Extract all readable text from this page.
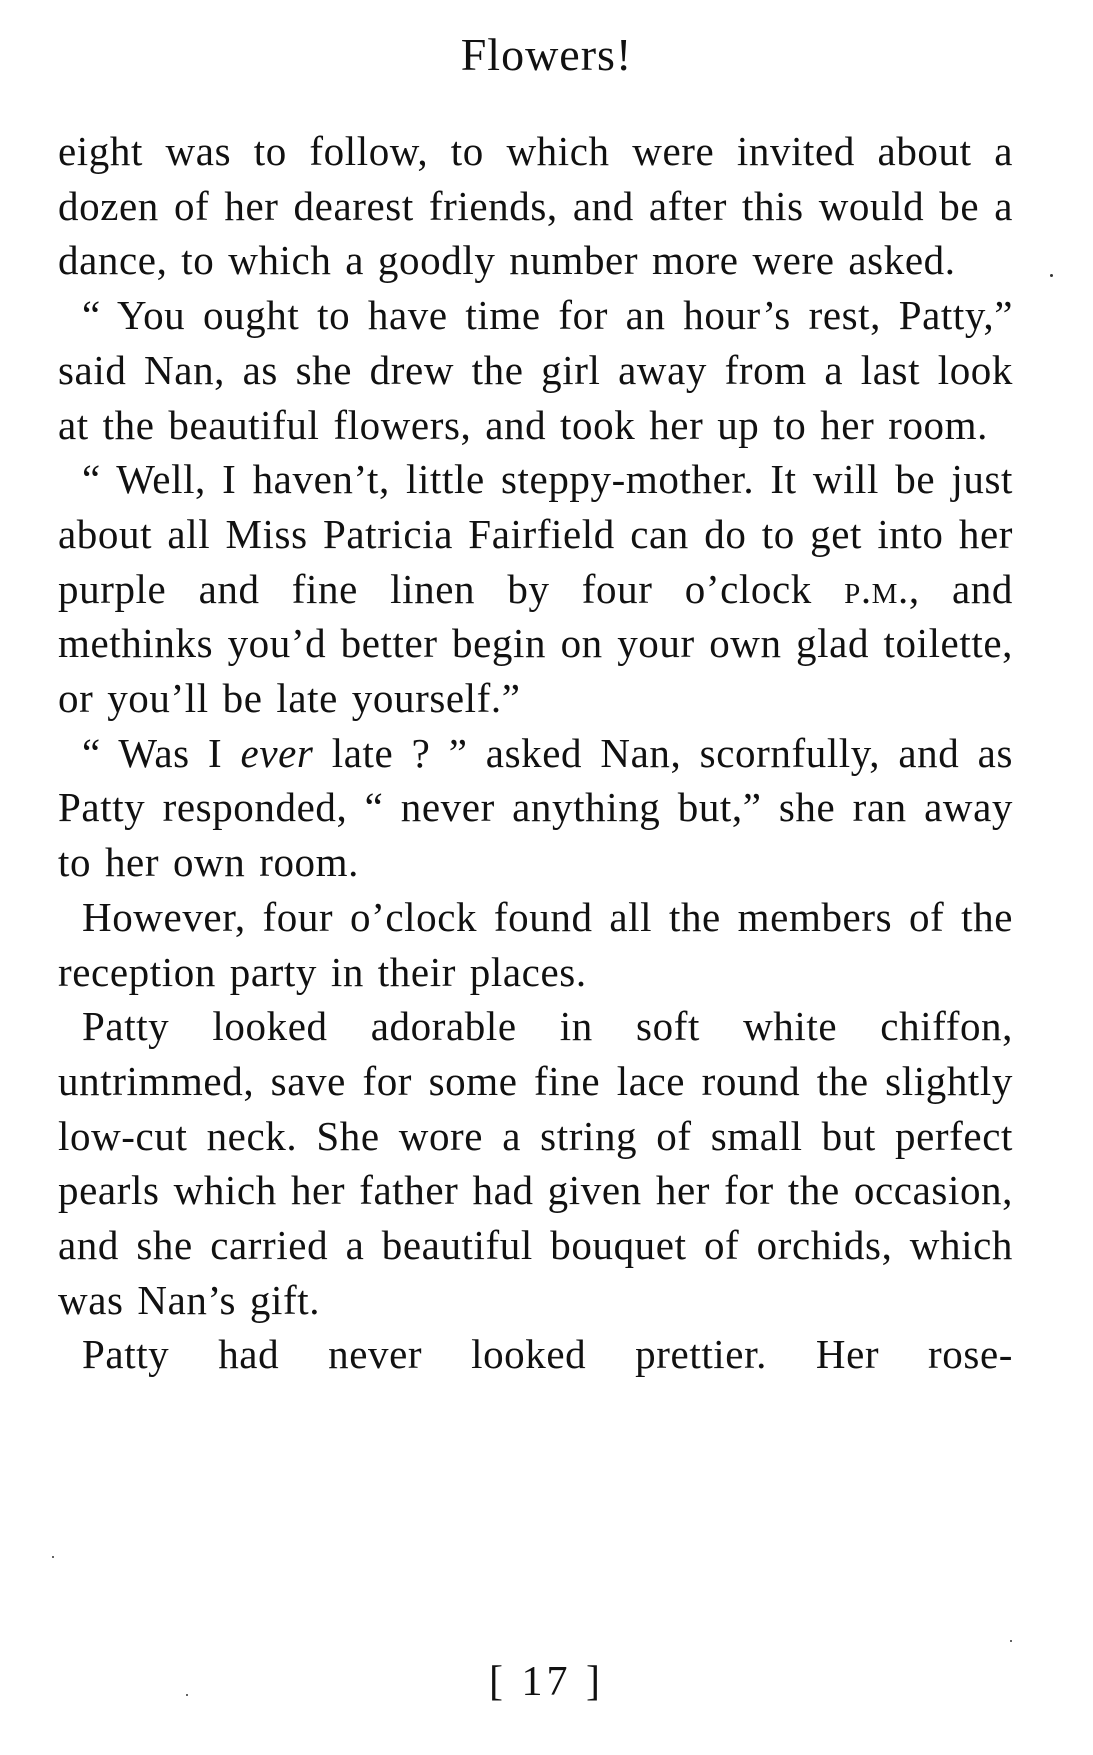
Flowers!

eight was to follow, to which were invited about a dozen of her dearest friends, and after this would be a dance, to which a goodly number more were asked.

“ You ought to have time for an hour’s rest, Patty,” said Nan, as she drew the girl away from a last look at the beautiful flowers, and took her up to her room.

“ Well, I haven’t, little steppy-mother. It will be just about all Miss Patricia Fairfield can do to get into her purple and fine linen by four o’clock p.m., and methinks you’d better begin on your own glad toilette, or you’ll be late yourself.”

“ Was I ever late ? ” asked Nan, scornfully, and as Patty responded, “ never anything but,” she ran away to her own room.

However, four o’clock found all the members of the reception party in their places.

Patty looked adorable in soft white chiffon, untrimmed, save for some fine lace round the slightly low-cut neck. She wore a string of small but perfect pearls which her father had given her for the occasion, and she carried a beautiful bouquet of orchids, which was Nan’s gift.

Patty had never looked prettier. Her rose-

[ 17 ]
